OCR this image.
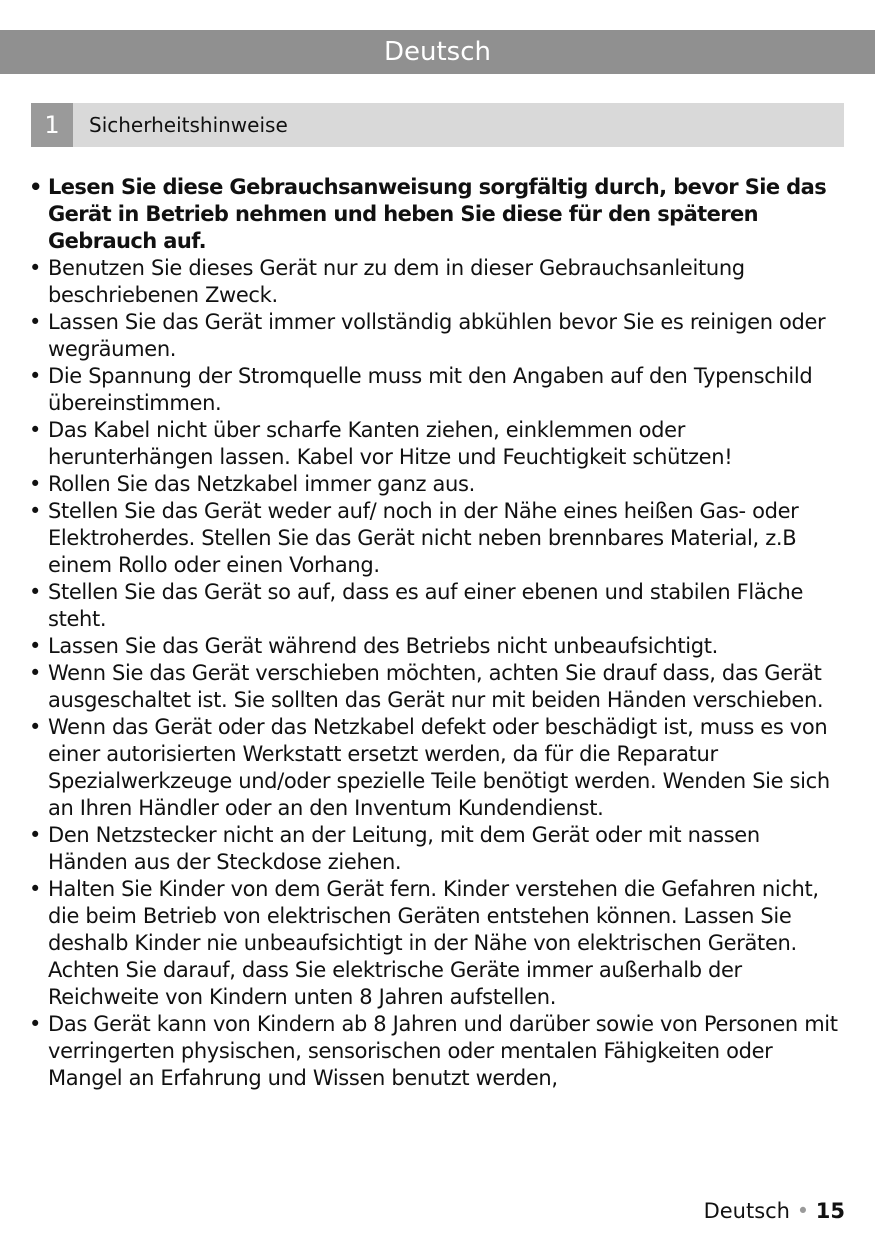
Deutsch
1	Sicherheitshinweise
• Lesen Sie diese Gebrauchsanweisung sorgfältig durch, bevor Sie das Gerät in Betrieb nehmen und heben Sie diese für den späteren Gebrauch auf.
• Benutzen Sie dieses Gerät nur zu dem in dieser Gebrauchsanleitung beschriebenen Zweck.
• Lassen Sie das Gerät immer vollständig abkühlen bevor Sie es reinigen oder wegräumen.
• Die Spannung der Stromquelle muss mit den Angaben auf den Typenschild übereinstimmen.
• Das Kabel nicht über scharfe Kanten ziehen, einklemmen oder herunterhängen lassen. Kabel vor Hitze und Feuchtigkeit schützen!
• Rollen Sie das Netzkabel immer ganz aus.
• Stellen Sie das Gerät weder auf/ noch in der Nähe eines heißen Gas- oder Elektroherdes. Stellen Sie das Gerät nicht neben brennbares Material, z.B einem Rollo oder einen Vorhang.
• Stellen Sie das Gerät so auf, dass es auf einer ebenen und stabilen Fläche steht.
• Lassen Sie das Gerät während des Betriebs nicht unbeaufsichtigt.
• Wenn Sie das Gerät verschieben möchten, achten Sie drauf dass, das Gerät ausgeschaltet ist. Sie sollten das Gerät nur mit beiden Händen verschieben.
• Wenn das Gerät oder das Netzkabel defekt oder beschädigt ist, muss es von einer autorisierten Werkstatt ersetzt werden, da für die Reparatur Spezialwerkzeuge und/oder spezielle Teile benötigt werden. Wenden Sie sich an Ihren Händler oder an den Inventum Kundendienst.
• Den Netzstecker nicht an der Leitung, mit dem Gerät oder mit nassen Händen aus der Steckdose ziehen.
• Halten Sie Kinder von dem Gerät fern. Kinder verstehen die Gefahren nicht, die beim Betrieb von elektrischen Geräten entstehen können. Lassen Sie deshalb Kinder nie unbeaufsichtigt in der Nähe von elektrischen Geräten. Achten Sie darauf, dass Sie elektrische Geräte immer außerhalb der Reichweite von Kindern unten 8 Jahren aufstellen.
• Das Gerät kann von Kindern ab 8 Jahren und darüber sowie von Personen mit verringerten physischen, sensorischen oder mentalen Fähigkeiten oder Mangel an Erfahrung und Wissen benutzt werden,
Deutsch • 15
